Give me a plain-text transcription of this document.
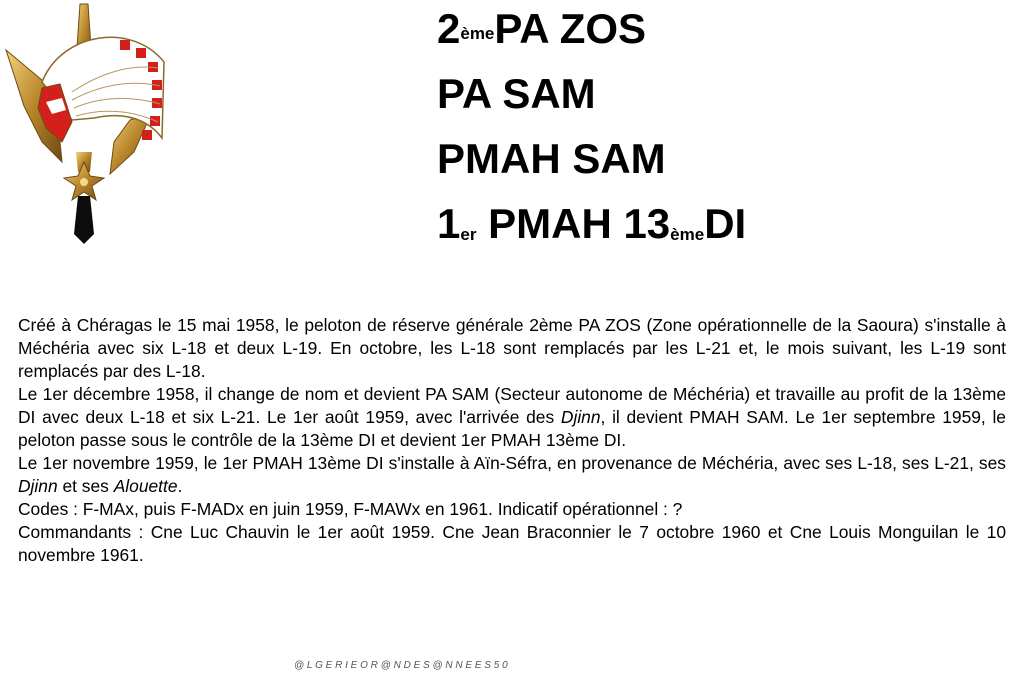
2èmePA ZOS
PA SAM
PMAH SAM
1er PMAH 13èmeDI

Créé à Chéragas le 15 mai 1958, le peloton de réserve générale 2ème PA ZOS (Zone opérationnelle de la Saoura) s'installe à Méchéria avec six L-18 et deux L-19. En octobre, les L-18 sont remplacés par les L-21 et, le mois suivant, les L-19 sont remplacés par des L-18.

Le 1er décembre 1958, il change de nom et devient PA SAM (Secteur autonome de Méchéria) et travaille au profit de la 13ème DI avec deux L-18 et six L-21. Le 1er août 1959, avec l'arrivée des Djinn, il devient PMAH SAM. Le 1er septembre 1959, le peloton passe sous le contrôle de la 13ème DI et devient 1er PMAH 13ème DI.

Le 1er novembre 1959, le 1er PMAH 13ème DI s'installe à Aïn-Séfra, en provenance de Méchéria, avec ses L-18, ses L-21, ses Djinn et ses Alouette.

Codes : F-MAx, puis F-MADx en juin 1959, F-MAWx en 1961. Indicatif opérationnel : ?

Commandants : Cne Luc Chauvin le 1er août 1959. Cne Jean Braconnier le 7 octobre 1960 et Cne Louis Monguilan le 10 novembre 1961.

@ L G E R I E O R @ N D E S @ N N E E S 5 0
